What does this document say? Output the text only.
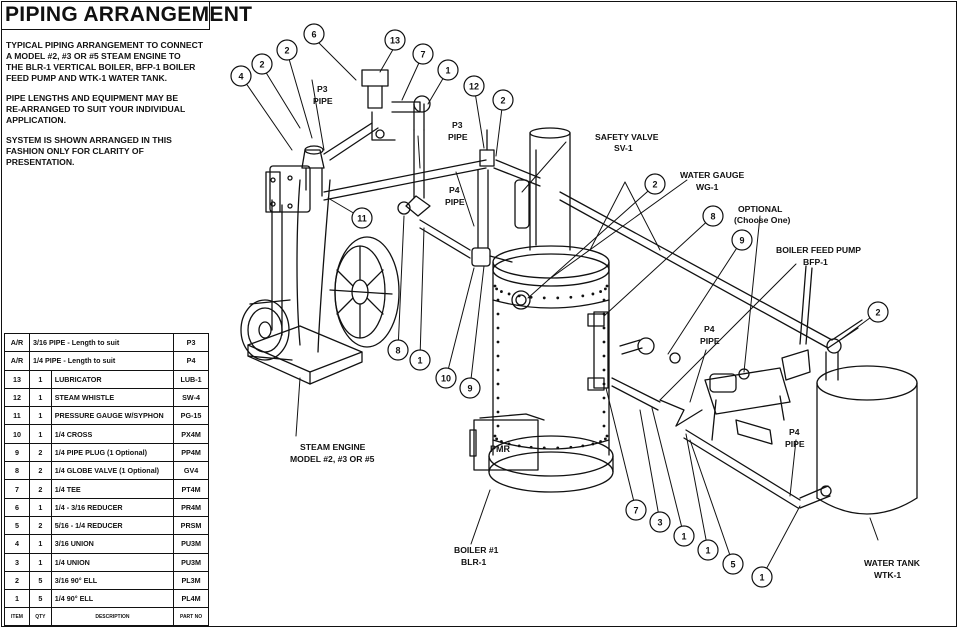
13
6
7
1
2
2
4
12
2
11
2
8
9
8
1
10
9
2
7
3
1
1
5
1
STEAM ENGINE
MODEL #2, #3 OR #5
BOILER #1
BLR-1
SAFETY VALVE
SV-1
WATER GAUGE
WG-1
OPTIONAL
(Choose One)
BOILER FEED PUMP
BFP-1
WATER TANK
WTK-1
P3
PIPE
P3
PIPE
P4
PIPE
P4
PIPE
P4
PIPE
PMR
PIPING ARRANGEMENT

TYPICAL PIPING ARRANGEMENT TO CONNECT
A MODEL #2, #3 OR #5 STEAM ENGINE TO
THE BLR-1 VERTICAL BOILER, BFP-1 BOILER
FEED PUMP AND WTK-1 WATER TANK.

PIPE LENGTHS AND EQUIPMENT MAY BE
RE-ARRANGED TO SUIT YOUR INDIVIDUAL
APPLICATION.

SYSTEM IS SHOWN ARRANGED IN THIS
FASHION ONLY FOR CLARITY OF PRESENTATION.

A/R	3/16 PIPE - Length to suit		P3
A/R	1/4 PIPE - Length to suit		P4
13	1	LUBRICATOR	LUB-1
12	1	STEAM WHISTLE	SW-4
11	1	PRESSURE GAUGE W/SYPHON	PG-15
10	1	1/4 CROSS	PX4M
9	2	1/4 PIPE PLUG (1 Optional)	PP4M
8	2	1/4 GLOBE VALVE (1 Optional)	GV4
7	2	1/4 TEE	PT4M
6	1	1/4 - 3/16 REDUCER	PR4M
5	2	5/16 - 1/4 REDUCER	PRSM
4	1	3/16 UNION	PU3M
3	1	1/4 UNION	PU3M
2	5	3/16 90° ELL	PL3M
1	5	1/4 90° ELL	PL4M
ITEM	QTY	DESCRIPTION	PART NO
